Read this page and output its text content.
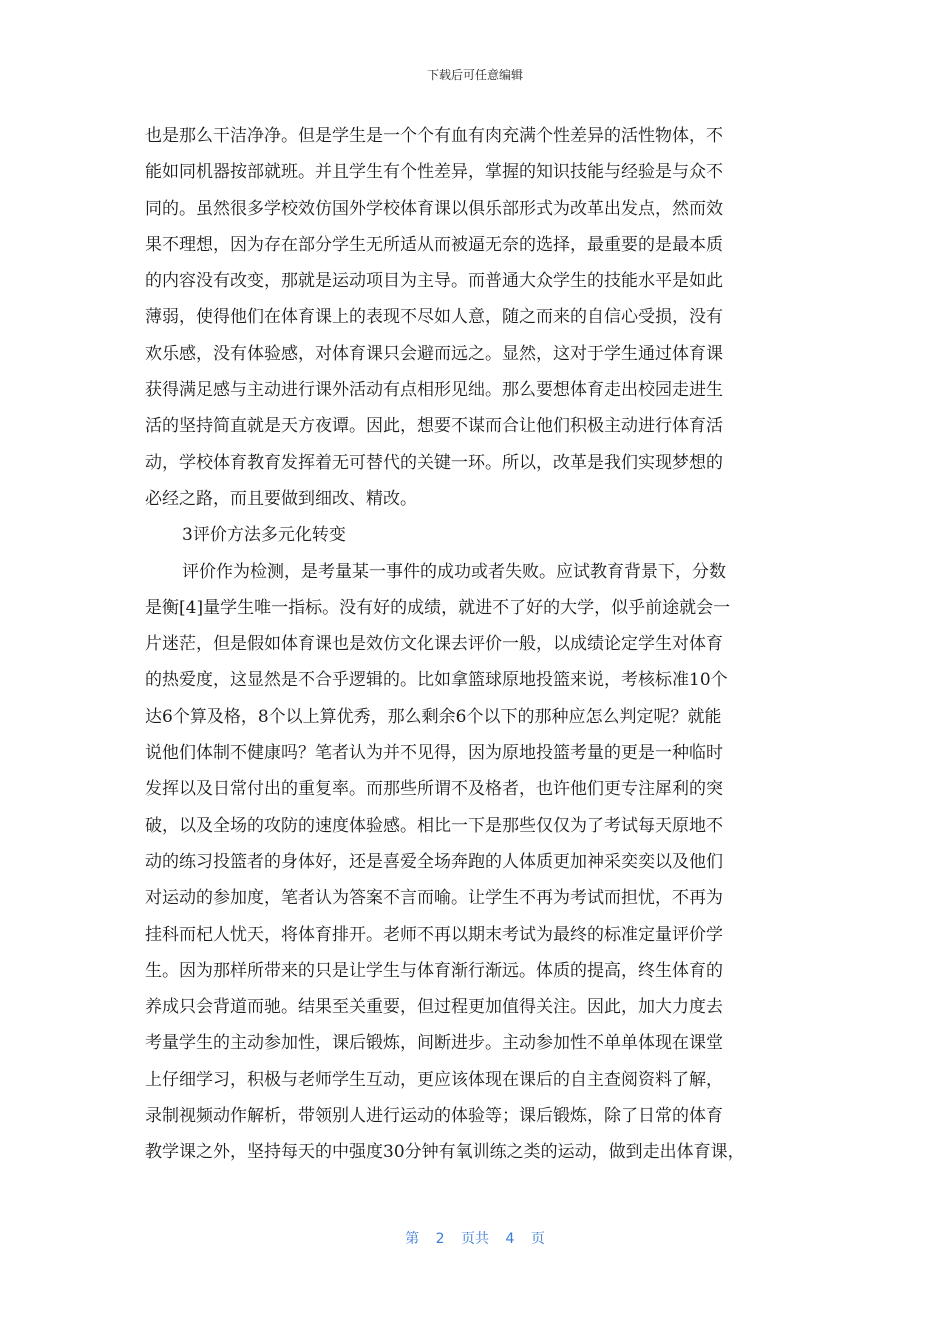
下载后可任意编辑
也是那么干洁净净。但是学生是一个个有血有肉充满个性差异的活性物体，不
能如同机器按部就班。并且学生有个性差异，掌握的知识技能与经验是与众不
同的。虽然很多学校效仿国外学校体育课以俱乐部形式为改革出发点，然而效
果不理想，因为存在部分学生无所适从而被逼无奈的选择，最重要的是最本质
的内容没有改变，那就是运动项目为主导。而普通大众学生的技能水平是如此
薄弱，使得他们在体育课上的表现不尽如人意，随之而来的自信心受损，没有
欢乐感，没有体验感，对体育课只会避而远之。显然，这对于学生通过体育课
获得满足感与主动进行课外活动有点相形见绌。那么要想体育走出校园走进生
活的坚持简直就是天方夜谭。因此，想要不谋而合让他们积极主动进行体育活
动，学校体育教育发挥着无可替代的关键一环。所以，改革是我们实现梦想的
必经之路，而且要做到细改、精改。
3评价方法多元化转变
评价作为检测，是考量某一事件的成功或者失败。应试教育背景下，分数
是衡[4]量学生唯一指标。没有好的成绩，就进不了好的大学，似乎前途就会一
片迷茫，但是假如体育课也是效仿文化课去评价一般，以成绩论定学生对体育
的热爱度，这显然是不合乎逻辑的。比如拿篮球原地投篮来说，考核标准10个
达6个算及格，8个以上算优秀，那么剩余6个以下的那种应怎么判定呢？就能
说他们体制不健康吗？笔者认为并不见得，因为原地投篮考量的更是一种临时
发挥以及日常付出的重复率。而那些所谓不及格者，也许他们更专注犀利的突
破，以及全场的攻防的速度体验感。相比一下是那些仅仅为了考试每天原地不
动的练习投篮者的身体好，还是喜爱全场奔跑的人体质更加神采奕奕以及他们
对运动的参加度，笔者认为答案不言而喻。让学生不再为考试而担忧，不再为
挂科而杞人忧天，将体育排开。老师不再以期末考试为最终的标准定量评价学
生。因为那样所带来的只是让学生与体育渐行渐远。体质的提高，终生体育的
养成只会背道而驰。结果至关重要，但过程更加值得关注。因此，加大力度去
考量学生的主动参加性，课后锻炼，间断进步。主动参加性不单单体现在课堂
上仔细学习，积极与老师学生互动，更应该体现在课后的自主查阅资料了解，
录制视频动作解析，带领别人进行运动的体验等；课后锻炼，除了日常的体育
教学课之外，坚持每天的中强度30分钟有氧训练之类的运动，做到走出体育课，
第 2 页共 4 页
